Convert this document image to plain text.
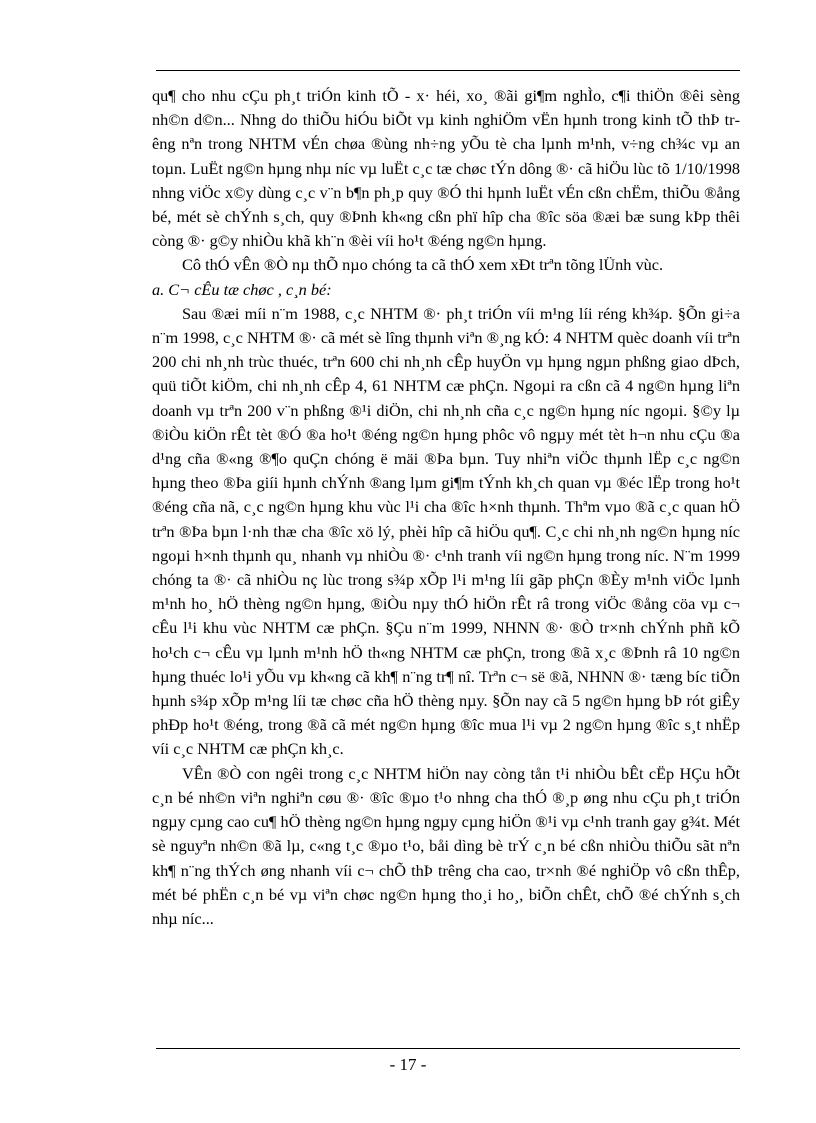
qu¶ cho nhu cÇu ph¸t triÓn kinh tÕ - x· héi, xo¸ ®ãi gi¶m nghÌo, c¶i thiÖn ®êi sèng nh©n d©n... Nhng do thiÕu hiÓu biÕt vµ kinh nghiÖm vËn hµnh trong kinh tÕ thÞ trêng nªn trong NHTM vÉn chøa ®ùng nh÷ng yÕu tè cha lµnh m¹nh, v÷ng ch¾c vµ an toµn. LuËt ng©n hµng nhµ níc vµ luËt c¸c tæ chøc tÝn dông ®· cã hiÖu lùc tõ 1/10/1998 nhng viÖc x©y dùng c¸c v¨n b¶n ph¸p quy ®Ó thi hµnh luËt vÉn cßn chËm, thiÕu ®ång bé, mét sè chÝnh s¸ch, quy ®Þnh kh«ng cßn phï hîp cha ®îc söa ®æi bæ sung kÞp thêi còng ®· g©y nhiÒu khã kh¨n ®èi víi ho¹t ®éng ng©n hµng.

Cô thÓ vÊn ®Ò nµ thÕ nµo chóng ta cã thÓ xem xÐt trªn tõng lÜnh vùc.

a. C¬ cÊu tæ chøc , c¸n bé:

Sau ®æi míi n¨m 1988, c¸c NHTM ®· ph¸t triÓn víi m¹ng líi réng kh¾p. §Õn gi÷a n¨m 1998, c¸c NHTM ®· cã mét sè lîng thµnh viªn ®¸ng kÓ: 4 NHTM quèc doanh víi trªn 200 chi nh¸nh trùc thuéc, trªn 600 chi nh¸nh cÊp huyÖn vµ hµng ngµn phßng giao dÞch, quü tiÕt kiÖm, chi nh¸nh cÊp 4, 61 NHTM cæ phÇn. Ngoµi ra cßn cã 4 ng©n hµng liªn doanh vµ trªn 200 v¨n phßng ®¹i diÖn, chi nh¸nh cña c¸c ng©n hµng níc ngoµi. §©y lµ ®iÒu kiÖn rÊt tèt ®Ó ®a ho¹t ®éng ng©n hµng phôc vô ngµy mét tèt h¬n nhu cÇu ®a d¹ng cña ®«ng ®¶o quÇn chóng ë mäi ®Þa bµn. Tuy nhiªn viÖc thµnh lËp c¸c ng©n hµng theo ®Þa giíi hµnh chÝnh ®ang lµm gi¶m tÝnh kh¸ch quan vµ ®éc lËp trong ho¹t ®éng cña nã, c¸c ng©n hµng khu vùc l¹i cha ®îc h×nh thµnh. Thªm vµo ®ã c¸c quan hÖ trªn ®Þa bµn l·nh thæ cha ®îc xö lý, phèi hîp cã hiÖu qu¶. C¸c chi nh¸nh ng©n hµng níc ngoµi h×nh thµnh qu¸ nhanh vµ nhiÒu ®· c¹nh tranh víi ng©n hµng trong níc. N¨m 1999 chóng ta ®· cã nhiÒu nç lùc trong s¾p xÕp l¹i m¹ng líi gãp phÇn ®Èy m¹nh viÖc lµnh m¹nh ho¸ hÖ thèng ng©n hµng, ®iÒu nµy thÓ hiÖn rÊt râ trong viÖc ®ång cöa vµ c¬ cÊu l¹i khu vùc NHTM cæ phÇn. §Çu n¨m 1999, NHNN ®· ®Ò tr×nh chÝnh phñ kÕ ho¹ch c¬ cÊu vµ lµnh m¹nh hÖ th«ng NHTM cæ phÇn, trong ®ã x¸c ®Þnh râ 10 ng©n hµng thuéc lo¹i yÕu vµ kh«ng cã kh¶ n¨ng tr¶ nî. Trªn c¬ së ®ã, NHNN ®· tæng bíc tiÕn hµnh s¾p xÕp m¹ng líi tæ chøc cña hÖ thèng nµy. §Õn nay cã 5 ng©n hµng bÞ rót giÊy phÐp ho¹t ®éng, trong ®ã cã mét ng©n hµng ®îc mua l¹i vµ 2 ng©n hµng ®îc s¸t nhËp víi c¸c NHTM cæ phÇn kh¸c.

VÊn ®Ò con ngêi trong c¸c NHTM hiÖn nay còng tån t¹i nhiÒu bÊt cËp HÇu hÕt c¸n bé nh©n viªn nghiªn cøu ®· ®îc ®µo t¹o nhng cha thÓ ®¸p øng nhu cÇu ph¸t triÓn ngµy cµng cao cu¶ hÖ thèng ng©n hµng ngµy cµng hiÖn ®¹i vµ c¹nh tranh gay g¾t. Mét sè nguyªn nh©n ®ã lµ, c«ng t¸c ®µo t¹o, båi dìng bè trÝ c¸n bé cßn nhiÒu thiÕu sãt nªn kh¶ n¨ng thÝch øng nhanh víi c¬ chÕ thÞ trêng cha cao, tr×nh ®é nghiÖp vô cßn thÊp, mét bé phËn c¸n bé vµ viªn chøc ng©n hµng tho¸i ho¸, biÕn chÊt, chÕ ®é chÝnh s¸ch nhµ níc...

- 17 -
